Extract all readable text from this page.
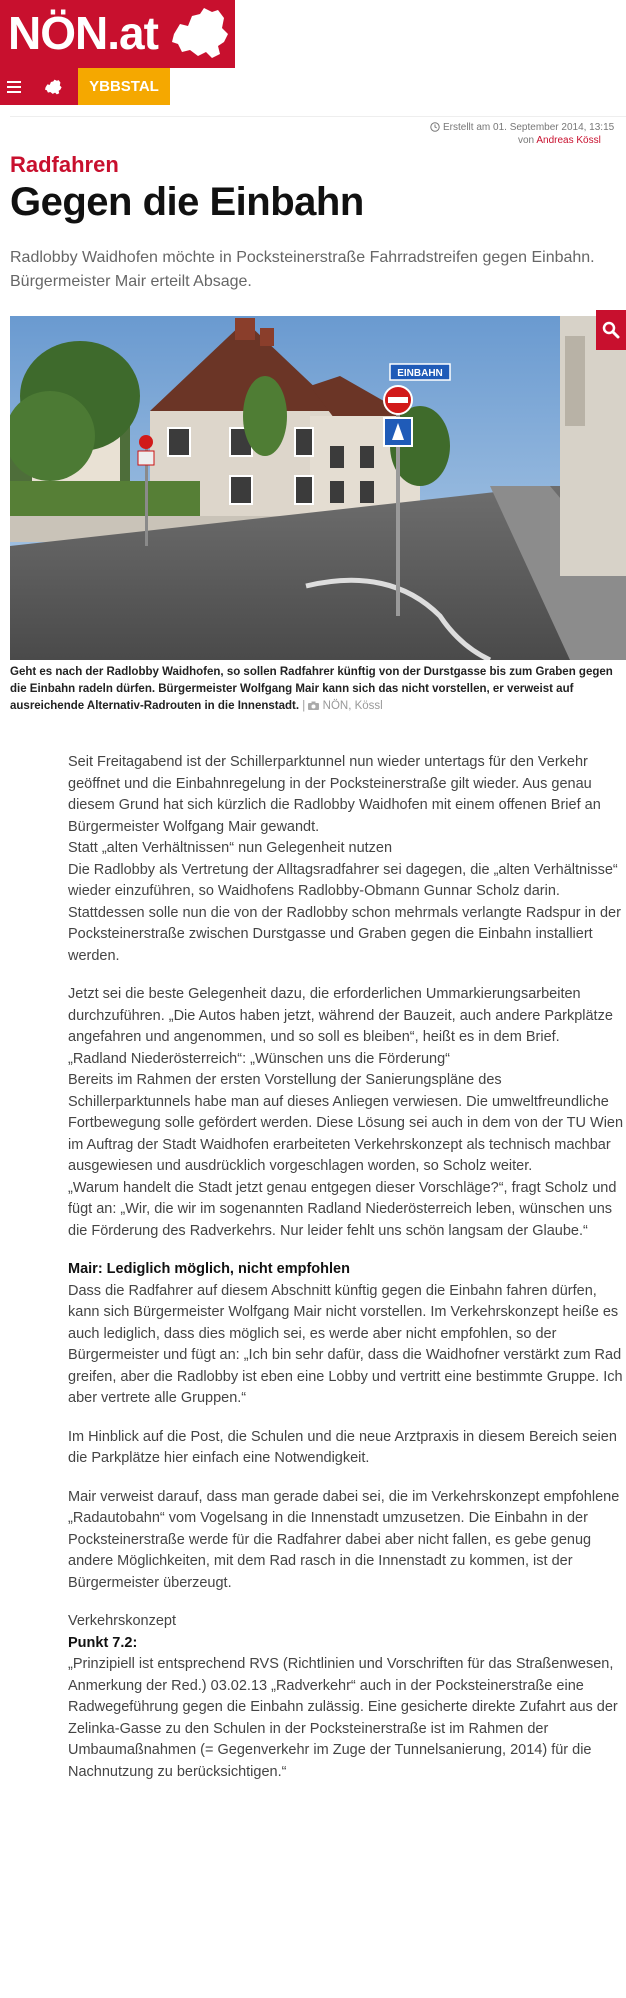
NÖN.at
YBBSTAL
Erstellt am 01. September 2014, 13:15
von Andreas Kössl
Radfahren
Gegen die Einbahn
Radlobby Waidhofen möchte in Pocksteinerstraße Fahrradstreifen gegen Einbahn. Bürgermeister Mair erteilt Absage.
EINBAHN
Geht es nach der Radlobby Waidhofen, so sollen Radfahrer künftig von der Durstgasse bis zum Graben gegen die Einbahn radeln dürfen. Bürgermeister Wolfgang Mair kann sich das nicht vorstellen, er verweist auf ausreichende Alternativ-Radrouten in die Innenstadt. |  NÖN, Kössl

Seit Freitagabend ist der Schillerparktunnel nun wieder untertags für den Verkehr geöffnet und die Einbahnregelung in der Pocksteinerstraße gilt wieder. Aus genau diesem Grund hat sich kürzlich die Radlobby Waidhofen mit einem offenen Brief an Bürgermeister Wolfgang Mair gewandt.
Statt „alten Verhältnissen“ nun Gelegenheit nutzen
Die Radlobby als Vertretung der Alltagsradfahrer sei dagegen, die „alten Verhältnisse“ wieder einzuführen, so Waidhofens Radlobby-Obmann Gunnar Scholz darin. Stattdessen solle nun die von der Radlobby schon mehrmals verlangte Radspur in der Pocksteinerstraße zwischen Durstgasse und Graben gegen die Einbahn installiert werden.

Jetzt sei die beste Gelegenheit dazu, die erforderlichen Ummarkierungsarbeiten durchzuführen. „Die Autos haben jetzt, während der Bauzeit, auch andere Parkplätze angefahren und angenommen, und so soll es bleiben“, heißt es in dem Brief.
„Radland Niederösterreich“: „Wünschen uns die Förderung“
Bereits im Rahmen der ersten Vorstellung der Sanierungspläne des Schillerparktunnels habe man auf dieses Anliegen verwiesen. Die umweltfreundliche Fortbewegung solle gefördert werden. Diese Lösung sei auch in dem von der TU Wien im Auftrag der Stadt Waidhofen erarbeiteten Verkehrskonzept als technisch machbar ausgewiesen und ausdrücklich vorgeschlagen worden, so Scholz weiter.
„Warum handelt die Stadt jetzt genau entgegen dieser Vorschläge?“, fragt Scholz und fügt an: „Wir, die wir im sogenannten Radland Niederösterreich leben, wünschen uns die Förderung des Radverkehrs. Nur leider fehlt uns schön langsam der Glaube.“

Mair: Lediglich möglich, nicht empfohlen
Dass die Radfahrer auf diesem Abschnitt künftig gegen die Einbahn fahren dürfen, kann sich Bürgermeister Wolfgang Mair nicht vorstellen. Im Verkehrskonzept heiße es auch lediglich, dass dies möglich sei, es werde aber nicht empfohlen, so der Bürgermeister und fügt an: „Ich bin sehr dafür, dass die Waidhofner verstärkt zum Rad greifen, aber die Radlobby ist eben eine Lobby und vertritt eine bestimmte Gruppe. Ich aber vertrete alle Gruppen.“

Im Hinblick auf die Post, die Schulen und die neue Arztpraxis in diesem Bereich seien die Parkplätze hier einfach eine Notwendigkeit.

Mair verweist darauf, dass man gerade dabei sei, die im Verkehrskonzept empfohlene „Radautobahn“ vom Vogelsang in die Innenstadt umzusetzen. Die Einbahn in der Pocksteinerstraße werde für die Radfahrer dabei aber nicht fallen, es gebe genug andere Möglichkeiten, mit dem Rad rasch in die Innenstadt zu kommen, ist der Bürgermeister überzeugt.

Verkehrskonzept
Punkt 7.2:
„Prinzipiell ist entsprechend RVS (Richtlinien und Vorschriften für das Straßenwesen, Anmerkung der Red.) 03.02.13 „Radverkehr“ auch in der Pocksteinerstraße eine Radwegeführung gegen die Einbahn zulässig. Eine gesicherte direkte Zufahrt aus der Zelinka-Gasse zu den Schulen in der Pocksteinerstraße ist im Rahmen der Umbaumaßnahmen (= Gegenverkehr im Zuge der Tunnelsanierung, 2014) für die Nachnutzung zu berücksichtigen.“
